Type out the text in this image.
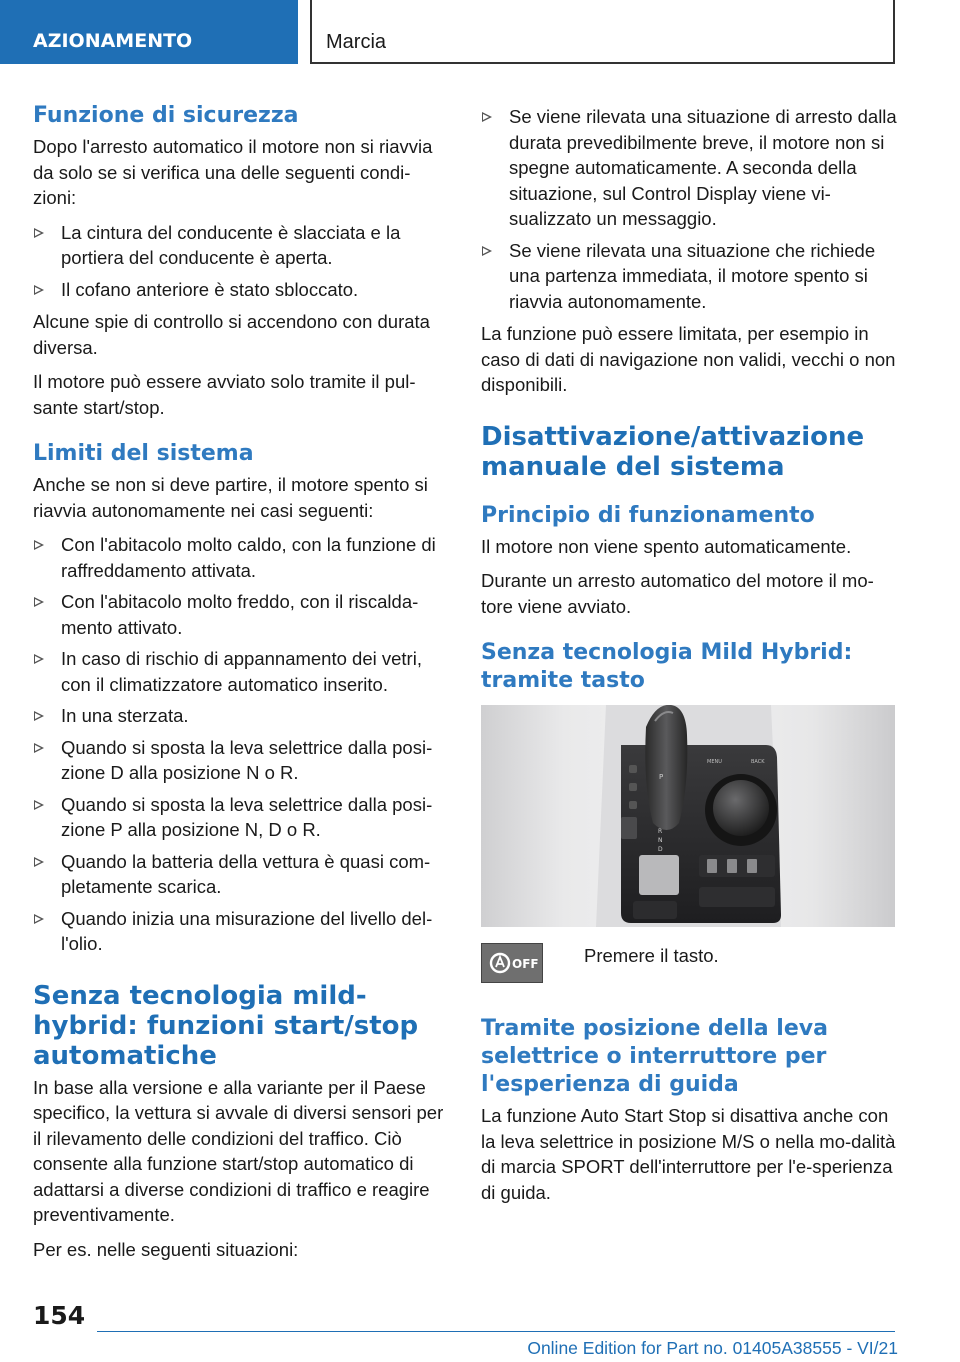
AZIONAMENTO	Marcia
Funzione di sicurezza

Dopo l'arresto automatico il motore non si riavvia da solo se si verifica una delle seguenti condi-zioni:

La cintura del conducente è slacciata e la portiera del conducente è aperta.
Il cofano anteriore è stato sbloccato.

Alcune spie di controllo si accendono con durata diversa.

Il motore può essere avviato solo tramite il pul-sante start/stop.

Limiti del sistema

Anche se non si deve partire, il motore spento si riavvia autonomamente nei casi seguenti:

Con l'abitacolo molto caldo, con la funzione di raffreddamento attivata.
Con l'abitacolo molto freddo, con il riscalda-mento attivato.
In caso di rischio di appannamento dei vetri, con il climatizzatore automatico inserito.
In una sterzata.
Quando si sposta la leva selettrice dalla posi-zione D alla posizione N o R.
Quando si sposta la leva selettrice dalla posi-zione P alla posizione N, D o R.
Quando la batteria della vettura è quasi com-pletamente scarica.
Quando inizia una misurazione del livello del-l'olio.
Senza tecnologia mild-hybrid: funzioni start/stop automatiche

In base alla versione e alla variante per il Paese specifico, la vettura si avvale di diversi sensori per il rilevamento delle condizioni del traffico. Ciò consente alla funzione start/stop automatico di adattarsi a diverse condizioni di traffico e reagire preventivamente.

Per es. nelle seguenti situazioni:

Se viene rilevata una situazione di arresto dalla durata prevedibilmente breve, il motore non si spegne automaticamente. A seconda della situazione, sul Control Display viene vi-sualizzato un messaggio.
Se viene rilevata una situazione che richiede una partenza immediata, il motore spento si riavvia autonomamente.

La funzione può essere limitata, per esempio in caso di dati di navigazione non validi, vecchi o non disponibili.

Disattivazione/attivazione manuale del sistema
Principio di funzionamento

Il motore non viene spento automaticamente.

Durante un arresto automatico del motore il mo-tore viene avviato.

Senza tecnologia Mild Hybrid: tramite tasto
P
R
N
D
MENU	BACK
OFF Premere il tasto.

Tramite posizione della leva selettrice o interruttore per l'esperienza di guida

La funzione Auto Start Stop si disattiva anche con la leva selettrice in posizione M/S o nella mo-dalità di marcia SPORT dell'interruttore per l'e-sperienza di guida.

154

Online Edition for Part no. 01405A38555 - VI/21
